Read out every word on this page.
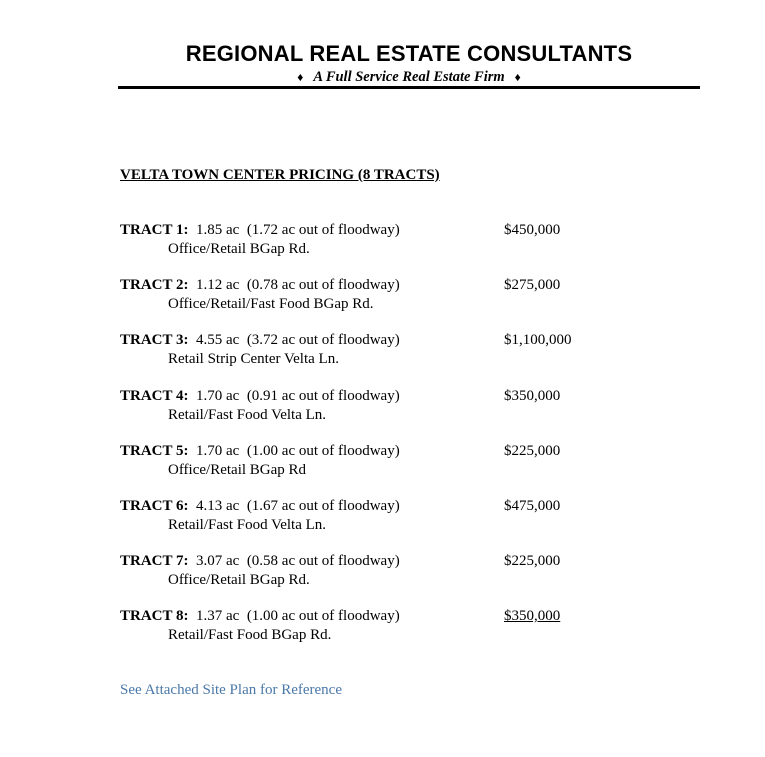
REGIONAL REAL ESTATE CONSULTANTS
♦ A Full Service Real Estate Firm ♦
VELTA TOWN CENTER PRICING (8 TRACTS)
TRACT 1: 1.85 ac (1.72 ac out of floodway)
Office/Retail BGap Rd.
$450,000
TRACT 2: 1.12 ac (0.78 ac out of floodway)
Office/Retail/Fast Food BGap Rd.
$275,000
TRACT 3: 4.55 ac (3.72 ac out of floodway)
Retail Strip Center Velta Ln.
$1,100,000
TRACT 4: 1.70 ac (0.91 ac out of floodway)
Retail/Fast Food Velta Ln.
$350,000
TRACT 5: 1.70 ac (1.00 ac out of floodway)
Office/Retail BGap Rd
$225,000
TRACT 6: 4.13 ac (1.67 ac out of floodway)
Retail/Fast Food Velta Ln.
$475,000
TRACT 7: 3.07 ac (0.58 ac out of floodway)
Office/Retail BGap Rd.
$225,000
TRACT 8: 1.37 ac (1.00 ac out of floodway)
Retail/Fast Food BGap Rd.
$350,000
See Attached Site Plan for Reference
